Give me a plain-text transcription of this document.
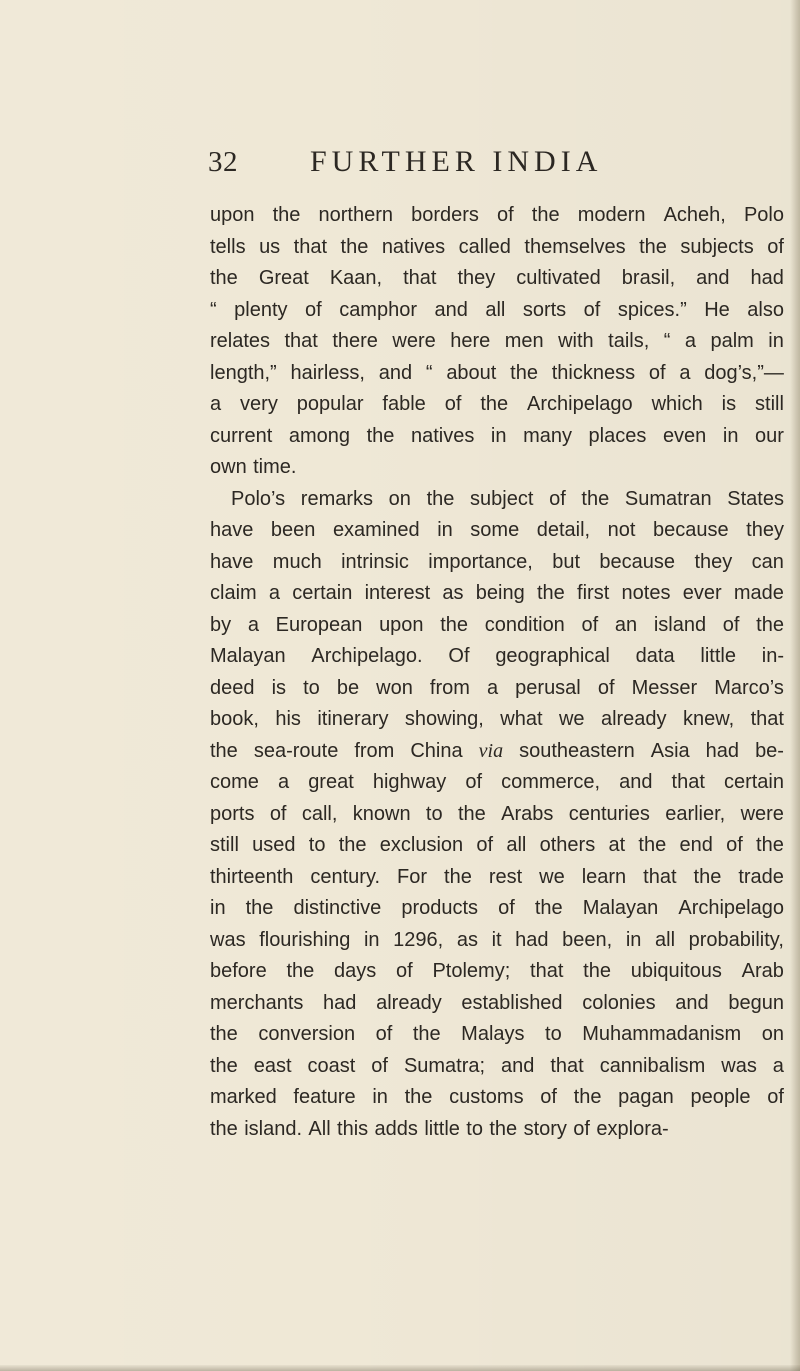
32	FURTHER INDIA
upon the northern borders of the modern Acheh, Polo
tells us that the natives called themselves the subjects of
the Great Kaan, that they cultivated brasil, and had
“ plenty of camphor and all sorts of spices.” He also
relates that there were here men with tails, “ a palm in
length,” hairless, and “ about the thickness of a dog’s,”—
a very popular fable of the Archipelago which is still
current among the natives in many places even in our
own time.
Polo’s remarks on the subject of the Sumatran States
have been examined in some detail, not because they
have much intrinsic importance, but because they can
claim a certain interest as being the first notes ever made
by a European upon the condition of an island of the
Malayan Archipelago. Of geographical data little in-
deed is to be won from a perusal of Messer Marco’s
book, his itinerary showing, what we already knew, that
the sea-route from China via southeastern Asia had be-
come a great highway of commerce, and that certain
ports of call, known to the Arabs centuries earlier, were
still used to the exclusion of all others at the end of the
thirteenth century. For the rest we learn that the trade
in the distinctive products of the Malayan Archipelago
was flourishing in 1296, as it had been, in all probability,
before the days of Ptolemy; that the ubiquitous Arab
merchants had already established colonies and begun
the conversion of the Malays to Muhammadanism on
the east coast of Sumatra; and that cannibalism was a
marked feature in the customs of the pagan people of
the island. All this adds little to the story of explora-
